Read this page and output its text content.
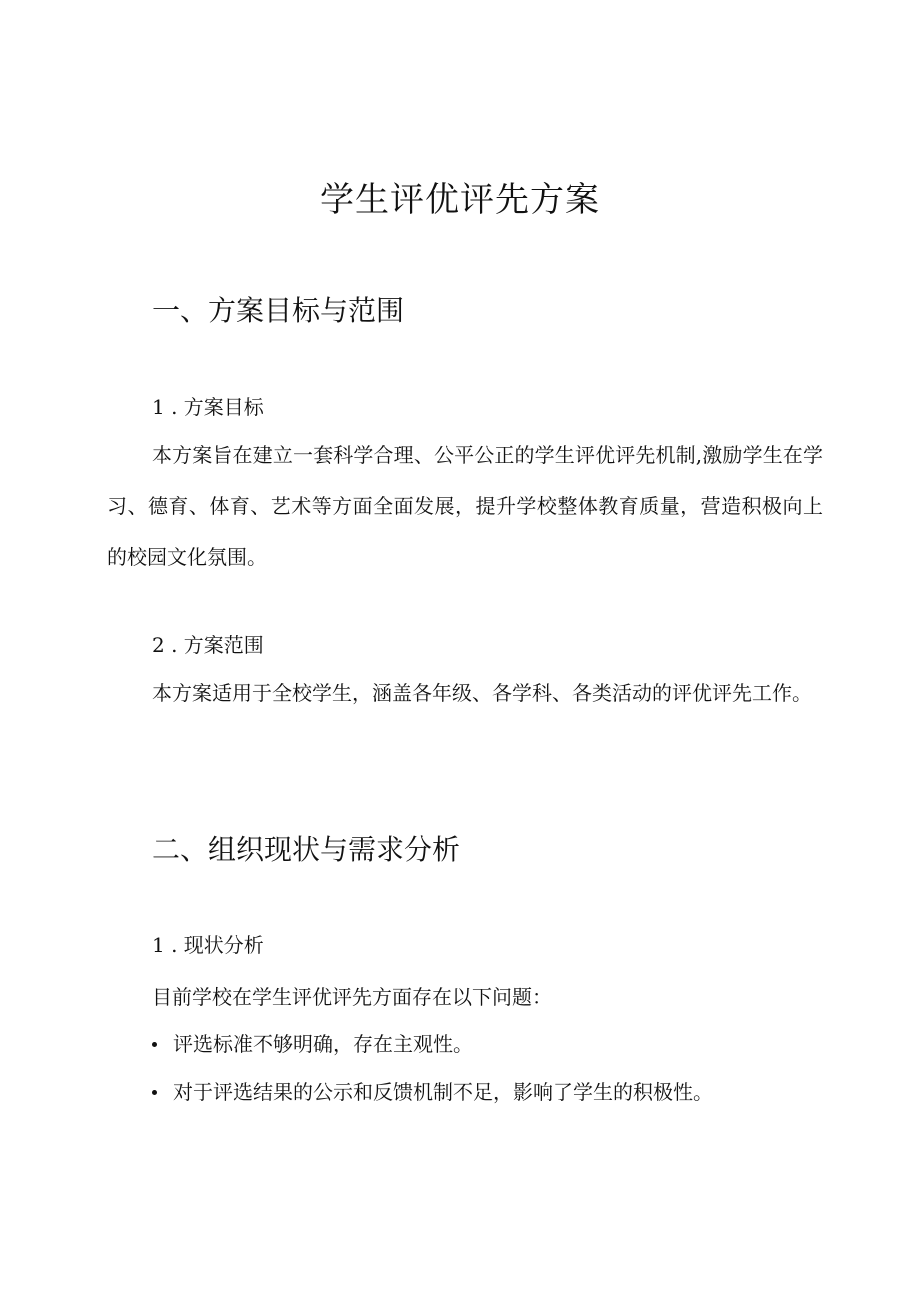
学生评优评先方案
一、方案目标与范围
1 . 方案目标

本方案旨在建立一套科学合理、公平公正的学生评优评先机制,激励学生在学习、德育、体育、艺术等方面全面发展，提升学校整体教育质量，营造积极向上的校园文化氛围。

2 . 方案范围

本方案适用于全校学生，涵盖各年级、各学科、各类活动的评优评先工作。

二、组织现状与需求分析
1 . 现状分析

目前学校在学生评优评先方面存在以下问题：

评选标准不够明确，存在主观性。
对于评选结果的公示和反馈机制不足，影响了学生的积极性。
